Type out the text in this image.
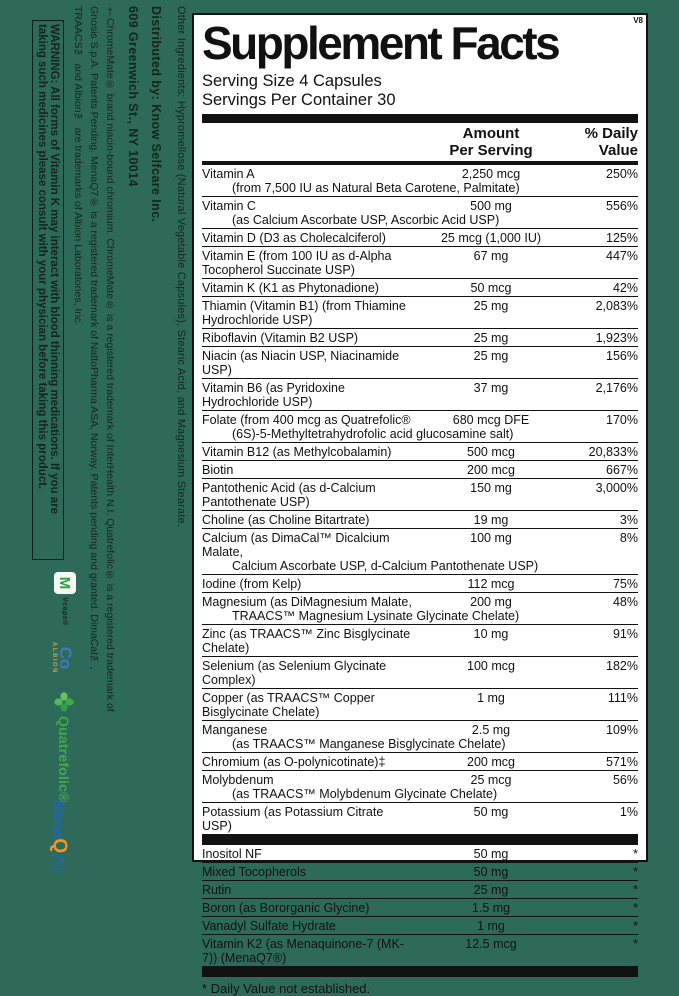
Other Ingredients: Hypromellose (Natural Vegetable Capsules), Stearic Acid, and Magnesium Stearate.
Distributed by: Know Selfcare Inc.
609 Greenwich St., NY 10014
†ChromeMate® brand niacin-bound chromium. ChromeMate® is a registered trademark of InterHealth N.I. Quatrefolic® is a registered trademark of
Gnosis S.p.A. Patents Pending. MenaQ7® is a registered trademark of NattoPharma ASA, Norway. Patents pending and granted. DimaCal™,
TRAACS™ and Albion™ are trademarks of Albion Laboratories, Inc.
WARNING: All forms of Vitamin K may interact with blood thinning medications. If you are
taking such medicines please consult with your physician before taking this product.
M
Vcaps®
Co
ALBION
Quatrefolic®
MenaQ7®
V8
Supplement Facts
Serving Size 4 Capsules
Servings Per Container 30
Amount
Per Serving
% Daily
Value
Vitamin A	2,250 mcg	250%
(from 7,500 IU as Natural Beta Carotene, Palmitate)
Vitamin C	500 mg	556%
(as Calcium Ascorbate USP, Ascorbic Acid USP)
Vitamin D (D3 as Cholecalciferol)	25 mcg (1,000 IU)	125%
Vitamin E (from 100 IU as d-Alpha Tocopherol Succinate USP)
67 mg	447%
Vitamin K (K1 as Phytonadione)	50 mcg	42%
Thiamin (Vitamin B1) (from Thiamine Hydrochloride USP)
25 mg	2,083%
Riboflavin (Vitamin B2 USP)	25 mg	1,923%
Niacin (as Niacin USP, Niacinamide USP)
25 mg	156%
Vitamin B6 (as Pyridoxine Hydrochloride USP)
37 mg	2,176%
Folate (from 400 mcg as Quatrefolic®	680 mcg DFE	170%
(6S)-5-Methyltetrahydrofolic acid glucosamine salt)
Vitamin B12 (as Methylcobalamin)	500 mcg	20,833%
Biotin	200 mcg	667%
Pantothenic Acid (as d-Calcium Pantothenate USP)
150 mg	3,000%
Choline (as Choline Bitartrate)	19 mg	3%
Calcium (as DimaCal™ Dicalcium Malate,
100 mg	8%
Calcium Ascorbate USP, d-Calcium Pantothenate USP)
Iodine (from Kelp)	112 mcg	75%
Magnesium (as DiMagnesium Malate,	200 mg	48%
TRAACS™ Magnesium Lysinate Glycinate Chelate)
Zinc (as TRAACS™ Zinc Bisglycinate Chelate)
10 mg	91%
Selenium (as Selenium Glycinate Complex)
100 mcg	182%
Copper (as TRAACS™ Copper Bisglycinate Chelate)
1 mg	111%
Manganese	2.5 mg	109%
(as TRAACS™ Manganese Bisglycinate Chelate)
Chromium (as O-polynicotinate)‡	200 mcg	571%
Molybdenum	25 mcg	56%
(as TRAACS™ Molybdenum Glycinate Chelate)
Potassium (as Potassium Citrate USP)
50 mg	1%
Inositol NF	50 mg	*
Mixed Tocopherols	50 mg	*
Rutin	25 mg	*
Boron (as Bororganic Glycine)	1.5 mg	*
Vanadyl Sulfate Hydrate	1 mg	*
Vitamin K2 (as Menaquinone-7 (MK-7)) (MenaQ7®)
12.5 mcg	*
* Daily Value not established.
